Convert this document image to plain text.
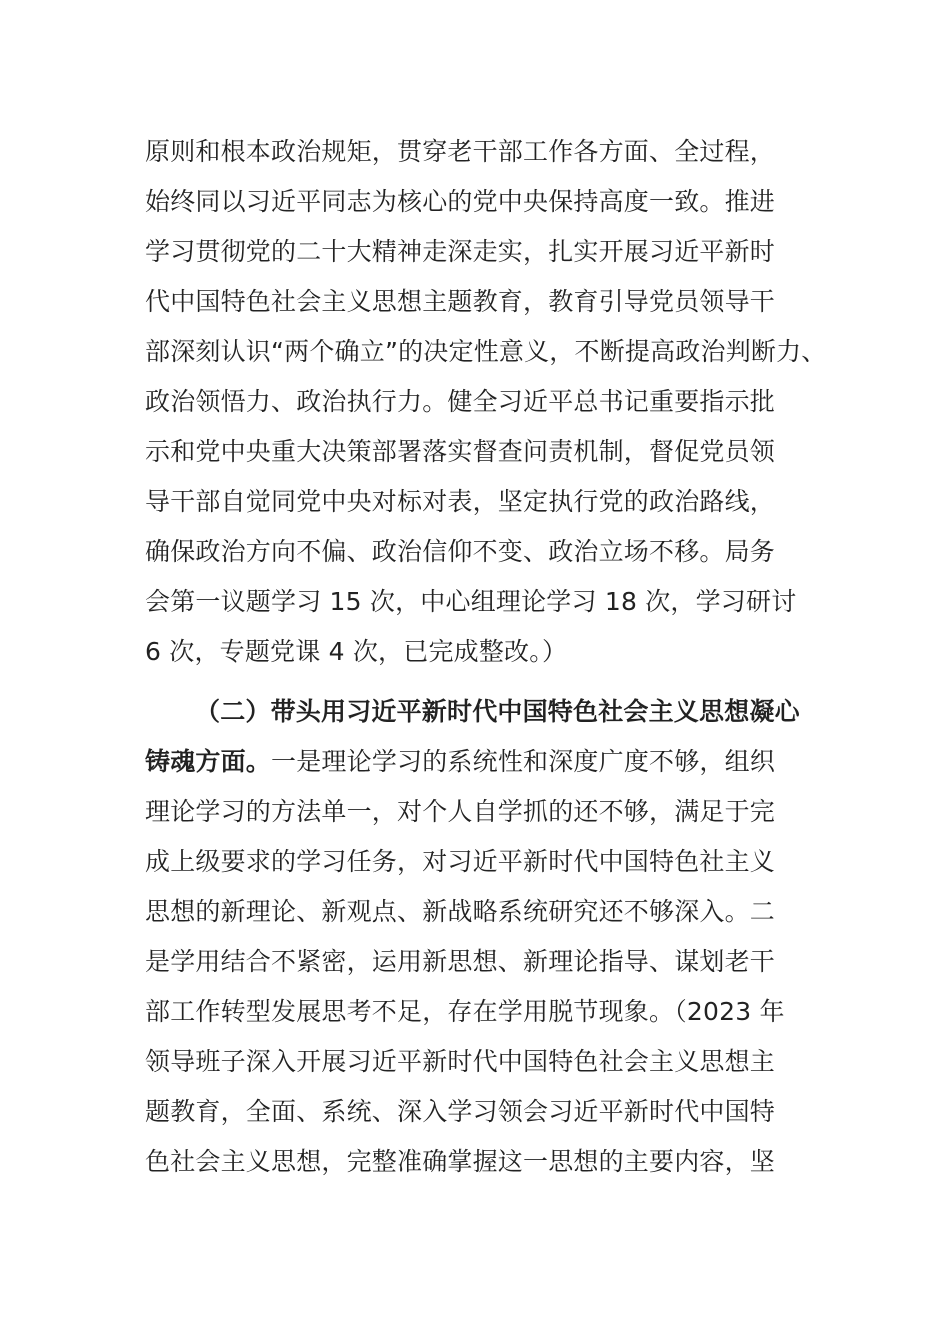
原则和根本政治规矩，贯穿老干部工作各方面、全过程，
始终同以习近平同志为核心的党中央保持高度一致。推进
学习贯彻党的二十大精神走深走实，扎实开展习近平新时
代中国特色社会主义思想主题教育，教育引导党员领导干
部深刻认识“两个确立”的决定性意义，不断提高政治判断力、
政治领悟力、政治执行力。健全习近平总书记重要指示批
示和党中央重大决策部署落实督查问责机制，督促党员领
导干部自觉同党中央对标对表，坚定执行党的政治路线，
确保政治方向不偏、政治信仰不变、政治立场不移。局务
会第一议题学习 15 次，中心组理论学习 18 次，学习研讨
6 次，专题党课 4 次，已完成整改。）
（二）带头用习近平新时代中国特色社会主义思想凝心
铸魂方面。一是理论学习的系统性和深度广度不够，组织
理论学习的方法单一，对个人自学抓的还不够，满足于完
成上级要求的学习任务，对习近平新时代中国特色社主义
思想的新理论、新观点、新战略系统研究还不够深入。二
是学用结合不紧密，运用新思想、新理论指导、谋划老干
部工作转型发展思考不足，存在学用脱节现象。（2023 年
领导班子深入开展习近平新时代中国特色社会主义思想主
题教育，全面、系统、深入学习领会习近平新时代中国特
色社会主义思想，完整准确掌握这一思想的主要内容，坚
